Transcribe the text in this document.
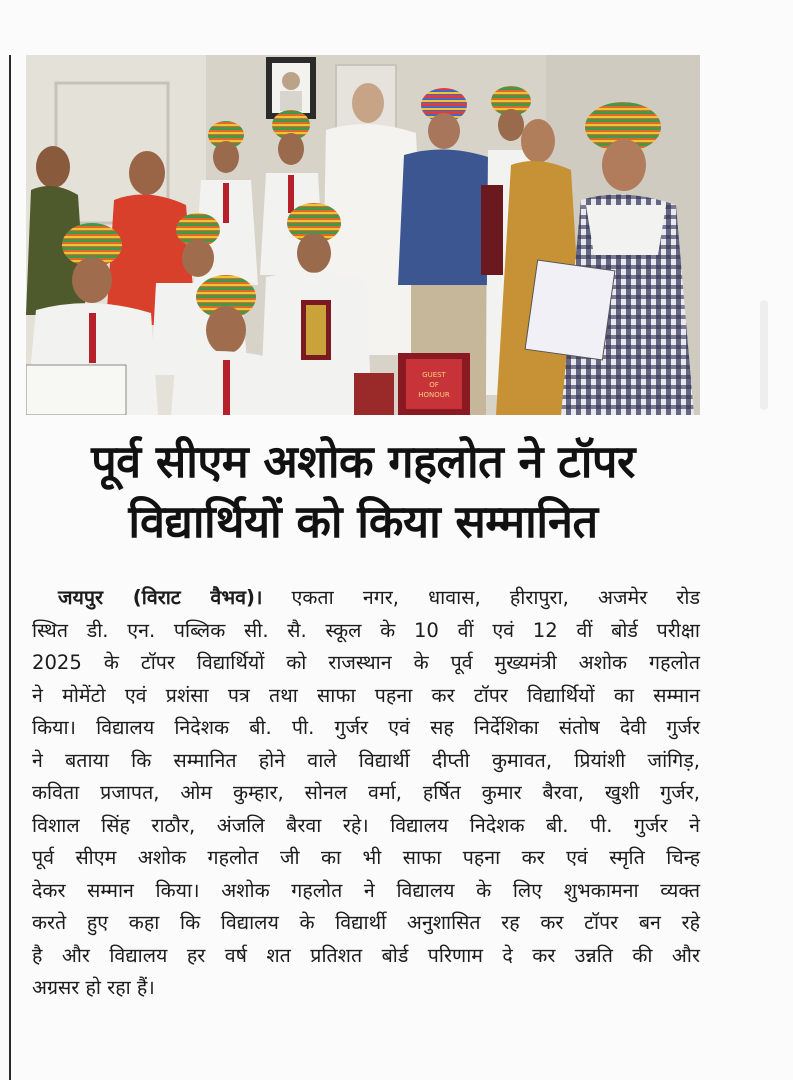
GUEST
OF
HONOUR
पूर्व सीएम अशोक गहलोत ने टॉपर
विद्यार्थियों को किया सम्मानित
जयपुर (विराट वैभव)। एकता नगर, धावास, हीरापुरा, अजमेर रोड
स्थित डी. एन. पब्लिक सी. सै. स्कूल के 10 वीं एवं 12 वीं बोर्ड परीक्षा
2025 के टॉपर विद्यार्थियों को राजस्थान के पूर्व मुख्यमंत्री अशोक गहलोत
ने मोमेंटो एवं प्रशंसा पत्र तथा साफा पहना कर टॉपर विद्यार्थियों का सम्मान
किया। विद्यालय निदेशक बी. पी. गुर्जर एवं सह निर्देशिका संतोष देवी गुर्जर
ने बताया कि सम्मानित होने वाले विद्यार्थी दीप्ती कुमावत, प्रियांशी जांगिड़,
कविता प्रजापत, ओम कुम्हार, सोनल वर्मा, हर्षित कुमार बैरवा, खुशी गुर्जर,
विशाल सिंह राठौर, अंजलि बैरवा रहे। विद्यालय निदेशक बी. पी. गुर्जर ने
पूर्व सीएम अशोक गहलोत जी का भी साफा पहना कर एवं स्मृति चिन्ह
देकर सम्मान किया। अशोक गहलोत ने विद्यालय के लिए शुभकामना व्यक्त
करते हुए कहा कि विद्यालय के विद्यार्थी अनुशासित रह कर टॉपर बन रहे
है और विद्यालय हर वर्ष शत प्रतिशत बोर्ड परिणाम दे कर उन्नति की और
अग्रसर हो रहा हैं।
